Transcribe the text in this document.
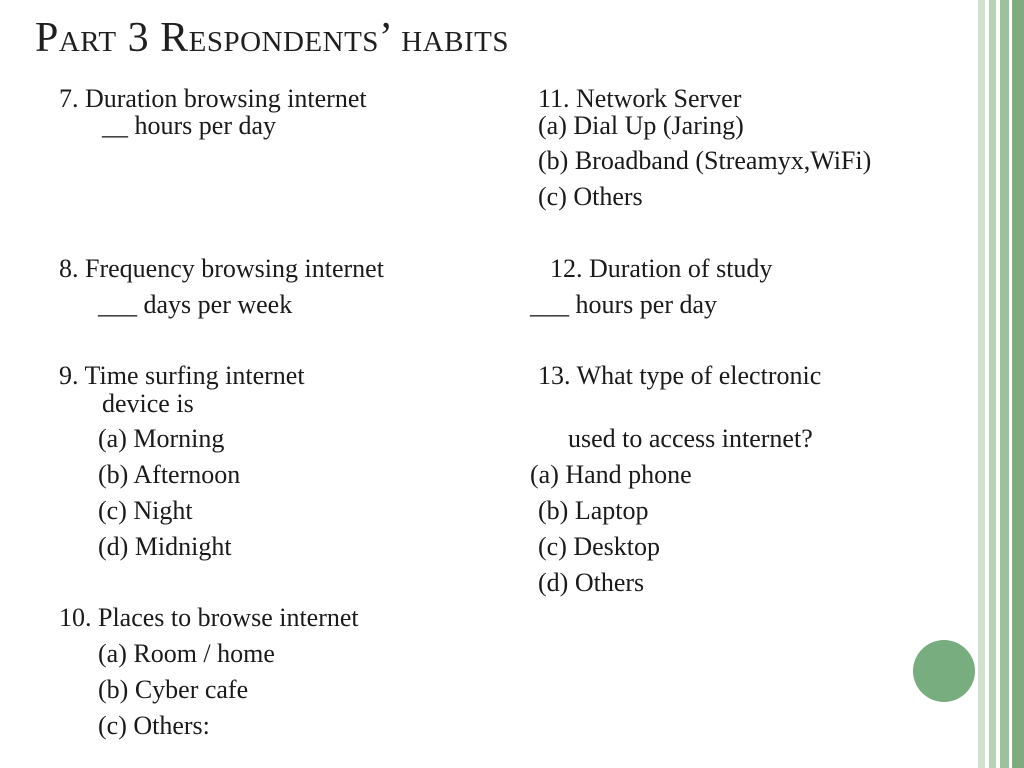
Part 3 Respondents’ habits
7. Duration browsing internet	11. Network Server
__ hours per day	(a) Dial Up (Jaring)
(b) Broadband (Streamyx,WiFi)
(c) Others
8. Frequency browsing internet	12. Duration of study
___ days per week	___ hours per day
9. Time surfing internet	13. What type of electronic
device is
(a) Morning	used to access internet?
(b) Afternoon	(a) Hand phone
(c) Night	(b) Laptop
(d) Midnight	(c) Desktop
(d) Others
10. Places to browse internet
(a) Room / home
(b) Cyber cafe
(c) Others:
